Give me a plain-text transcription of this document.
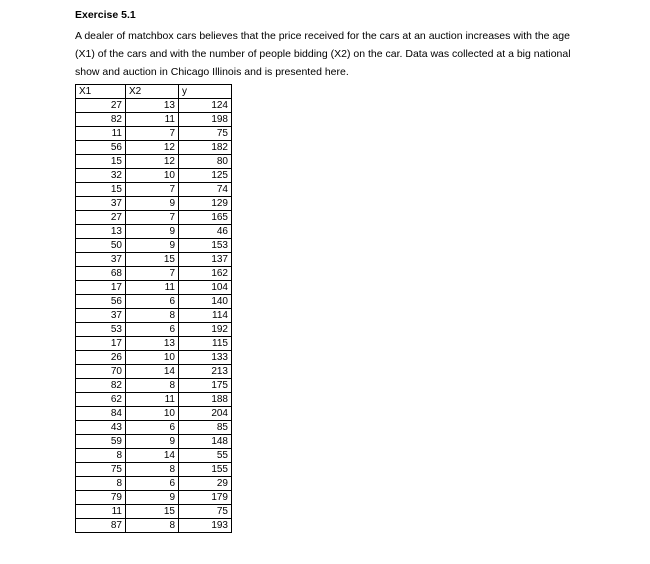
Exercise 5.1

A dealer of matchbox cars believes that the price received for the cars at an auction increases with the age (X1) of the cars and with the number of people bidding (X2) on the car. Data was collected at a big national show and auction in Chicago Illinois and is presented here.

X1	X2	y
27	13	124
82	11	198
11	7	75
56	12	182
15	12	80
32	10	125
15	7	74
37	9	129
27	7	165
13	9	46
50	9	153
37	15	137
68	7	162
17	11	104
56	6	140
37	8	114
53	6	192
17	13	115
26	10	133
70	14	213
82	8	175
62	11	188
84	10	204
43	6	85
59	9	148
8	14	55
75	8	155
8	6	29
79	9	179
11	15	75
87	8	193
